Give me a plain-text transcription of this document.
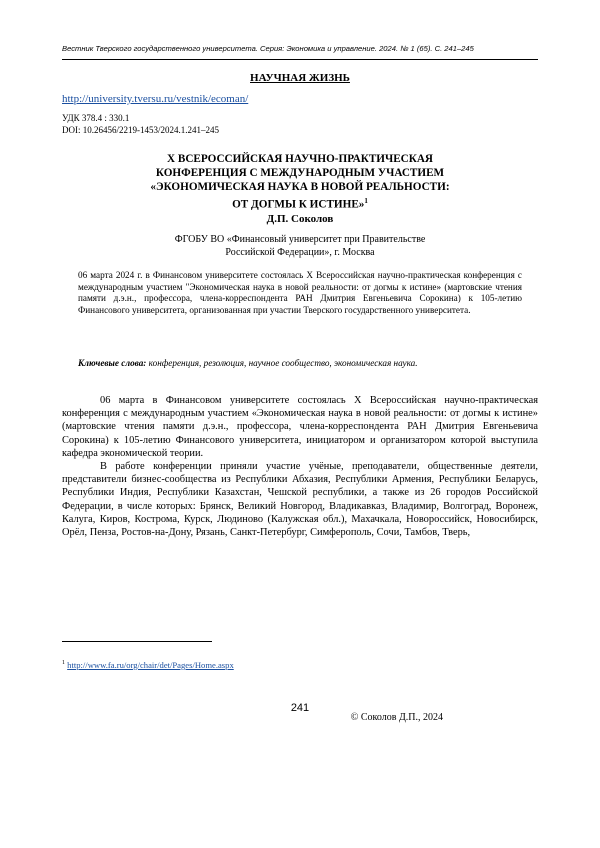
Вестник Тверского государственного университета. Серия: Экономика и управление. 2024. № 1 (65). С. 241–245
НАУЧНАЯ ЖИЗНЬ
http://university.tversu.ru/vestnik/ecoman/
УДК 378.4 : 330.1
DOI: 10.26456/2219-1453/2024.1.241–245
X ВСЕРОССИЙСКАЯ НАУЧНО-ПРАКТИЧЕСКАЯ
КОНФЕРЕНЦИЯ С МЕЖДУНАРОДНЫМ УЧАСТИЕМ
«ЭКОНОМИЧЕСКАЯ НАУКА В НОВОЙ РЕАЛЬНОСТИ:
ОТ ДОГМЫ К ИСТИНЕ»$^1$
Д.П. Соколов
ФГОБУ ВО «Финансовый университет при Правительстве
Российской Федерации», г. Москва

06 марта 2024 г. в Финансовом университете состоялась X Всероссийская научно-практическая конференция с международным участием "Экономическая наука в новой реальности: от догмы к истине» (мартовские чтения памяти д.э.н., профессора, члена-корреспондента РАН Дмитрия Евгеньевича Сорокина) к 105-летию Финансового университета, организованная при участии Тверского государственного университета.

Ключевые слова: конференция, резолюция, научное сообщество, экономическая наука.

06 марта в Финансовом университете состоялась X Всероссийская научно-практическая конференция с международным участием «Экономическая наука в новой реальности: от догмы к истине» (мартовские чтения памяти д.э.н., профессора, члена-корреспондента РАН Дмитрия Евгеньевича Сорокина) к 105-летию Финансового университета, инициатором и организатором которой выступила кафедра экономической теории.

В работе конференции приняли участие учёные, преподаватели, общественные деятели, представители бизнес-сообщества из Республики Абхазия, Республики Армения, Республики Беларусь, Республики Индия, Республики Казахстан, Чешской республики, а также из 26 городов Российской Федерации, в числе которых: Брянск, Великий Новгород, Владикавказ, Владимир, Волгоград, Воронеж, Калуга, Киров, Кострома, Курск, Людиново (Калужская обл.), Махачкала, Новороссийск, Новосибирск, Орёл, Пенза, Ростов-на-Дону, Рязань, Санкт-Петербург, Симферополь, Сочи, Тамбов, Тверь,

$^1$ http://www.fa.ru/org/chair/det/Pages/Home.aspx
241
© Соколов Д.П., 2024
